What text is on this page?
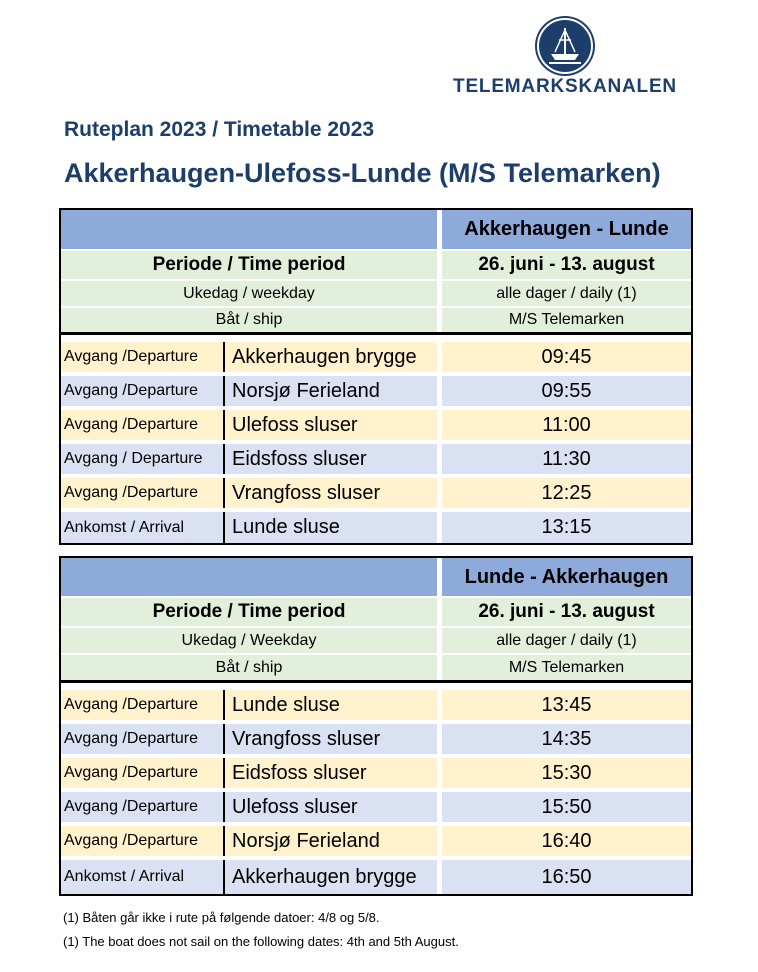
TELEMARKSKANALEN
Ruteplan 2023 / Timetable 2023
Akkerhaugen-Ulefoss-Lunde (M/S Telemarken)
Akkerhaugen - Lunde
Periode / Time period	26. juni - 13. august
Ukedag / weekday	alle dager / daily (1)
Båt / ship	M/S Telemarken
Avgang /Departure	Akkerhaugen brygge	09:45
Avgang /Departure	Norsjø Ferieland	09:55
Avgang /Departure	Ulefoss sluser	11:00
Avgang / Departure	Eidsfoss sluser	11:30
Avgang /Departure	Vrangfoss sluser	12:25
Ankomst / Arrival	Lunde sluse	13:15
Lunde - Akkerhaugen
Periode / Time period	26. juni - 13. august
Ukedag / Weekday	alle dager / daily (1)
Båt / ship	M/S Telemarken
Avgang /Departure	Lunde sluse	13:45
Avgang /Departure	Vrangfoss sluser	14:35
Avgang /Departure	Eidsfoss sluser	15:30
Avgang /Departure	Ulefoss sluser	15:50
Avgang /Departure	Norsjø Ferieland	16:40
Ankomst / Arrival	Akkerhaugen brygge	16:50
(1) Båten går ikke i rute på følgende datoer: 4/8 og 5/8.
(1) The boat does not sail on the following dates: 4th and 5th August.
